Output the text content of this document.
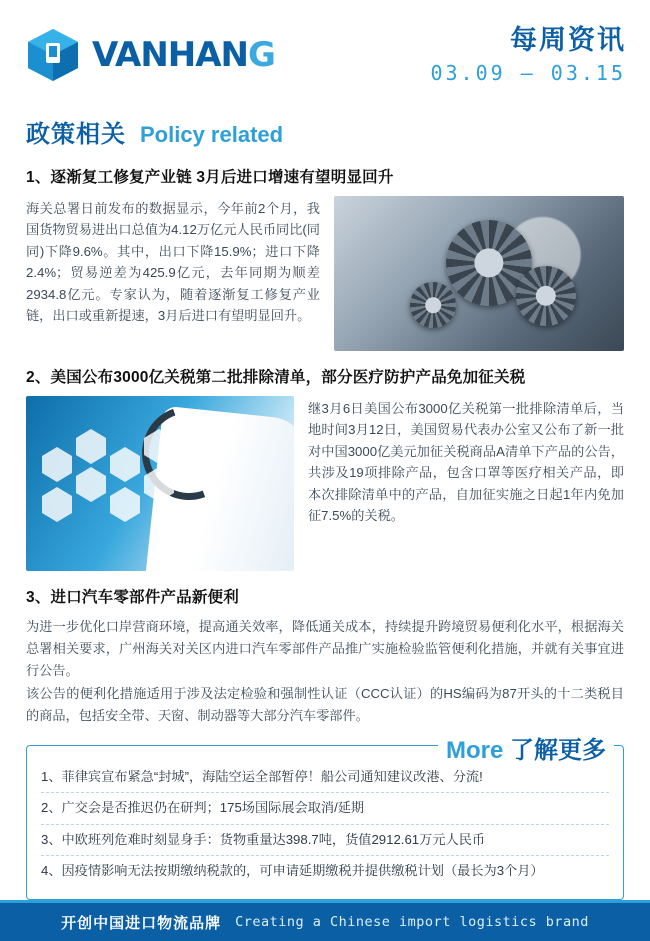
VANHANG	每周资讯
03.09 — 03.15
政策相关 Policy related
1、逐渐复工修复产业链 3月后进口增速有望明显回升
海关总署日前发布的数据显示，今年前2个月，我国货物贸易进出口总值为4.12万亿元人民币同比(同同)下降9.6%。其中，出口下降15.9%；进口下降2.4%；贸易逆差为425.9亿元，去年同期为顺差2934.8亿元。专家认为，随着逐渐复工修复产业链，出口或重新提速，3月后进口有望明显回升。
2、美国公布3000亿关税第二批排除清单，部分医疗防护产品免加征关税
继3月6日美国公布3000亿关税第一批排除清单后，当地时间3月12日，美国贸易代表办公室又公布了新一批对中国3000亿美元加征关税商品A清单下产品的公告，共涉及19项排除产品，包含口罩等医疗相关产品，即本次排除清单中的产品，自加征实施之日起1年内免加征7.5%的关税。
3、进口汽车零部件产品新便利
为进一步优化口岸营商环境，提高通关效率，降低通关成本，持续提升跨境贸易便利化水平，根据海关总署相关要求，广州海关对关区内进口汽车零部件产品推广实施检验监管便利化措施，并就有关事宜进行公告。
该公告的便利化措施适用于涉及法定检验和强制性认证（CCC认证）的HS编码为87开头的十二类税目的商品，包括安全带、天窗、制动器等大部分汽车零部件。
More 了解更多
1、菲律宾宣布紧急“封城”，海陆空运全部暂停！船公司通知建议改港、分流!
2、广交会是否推迟仍在研判；175场国际展会取消/延期
3、中欧班列危难时刻显身手：货物重量达398.7吨，货值2912.61万元人民币
4、因疫情影响无法按期缴纳税款的，可申请延期缴税并提供缴税计划（最长为3个月）
开创中国进口物流品牌 Creating a Chinese import logistics brand
